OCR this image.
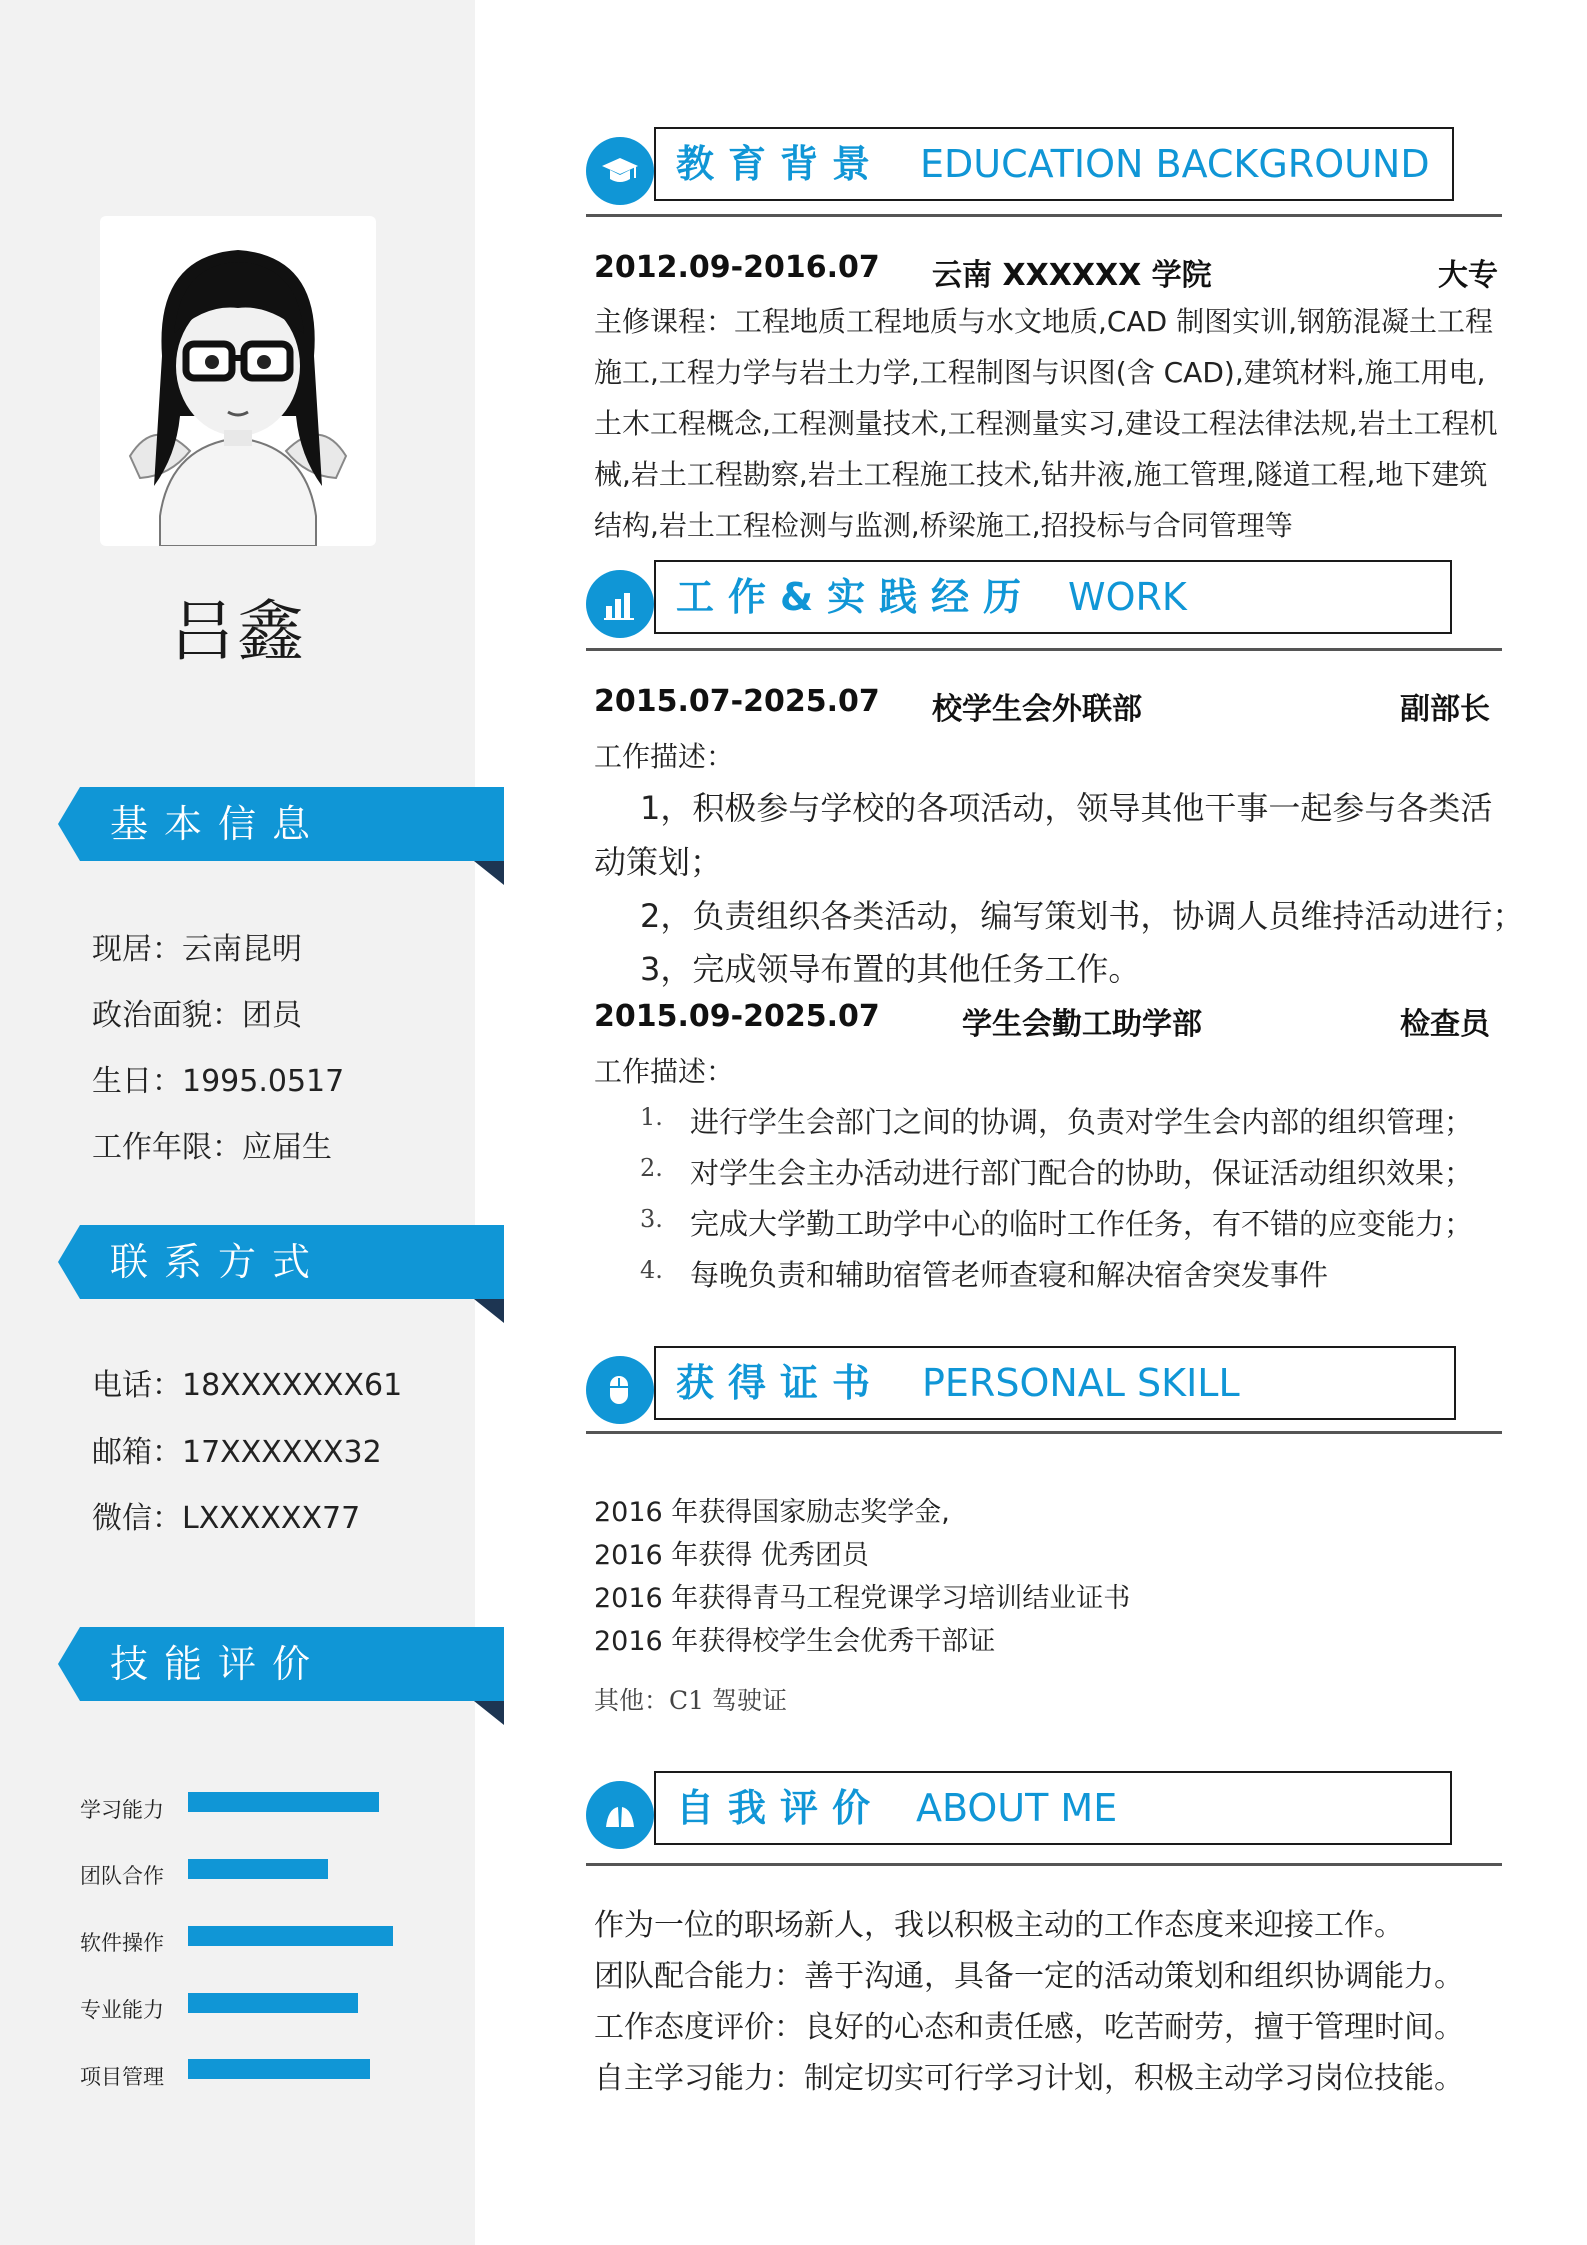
吕鑫
基本信息
现居：云南昆明
政治面貌：团员
生日：1995.0517
工作年限：应届生
联系方式
电话：18XXXXXXX61
邮箱：17XXXXXX32
微信：LXXXXXX77
技能评价
学习能力
团队合作
软件操作
专业能力
项目管理
教育背景 EDUCATION BACKGROUND
2012.09-2016.07 云南 XXXXXX 学院	大专
主修课程：工程地质工程地质与水文地质,CAD 制图实训,钢筋混凝土工程施工,工程力学与岩土力学,工程制图与识图(含 CAD),建筑材料,施工用电,土木工程概念,工程测量技术,工程测量实习,建设工程法律法规,岩土工程机械,岩土工程勘察,岩土工程施工技术,钻井液,施工管理,隧道工程,地下建筑结构,岩土工程检测与监测,桥梁施工,招投标与合同管理等
工作&实践经历 WORK
2015.07-2025.07 校学生会外联部	副部长
工作描述：
1，积极参与学校的各项活动，领导其他干事一起参与各类活
动策划；
2，负责组织各类活动，编写策划书，协调人员维持活动进行；
3，完成领导布置的其他任务工作。
2015.09-2025.07	学生会勤工助学部	检查员
工作描述：
1. 进行学生会部门之间的协调，负责对学生会内部的组织管理；
2. 对学生会主办活动进行部门配合的协助，保证活动组织效果；
3. 完成大学勤工助学中心的临时工作任务，有不错的应变能力；
4. 每晚负责和辅助宿管老师查寝和解决宿舍突发事件
获得证书 PERSONAL SKILL
2016 年获得国家励志奖学金,
2016 年获得 优秀团员
2016 年获得青马工程党课学习培训结业证书
2016 年获得校学生会优秀干部证
其他：C1 驾驶证
自我评价 ABOUT ME
作为一位的职场新人，我以积极主动的工作态度来迎接工作。
团队配合能力：善于沟通，具备一定的活动策划和组织协调能力。
工作态度评价：良好的心态和责任感，吃苦耐劳，擅于管理时间。
自主学习能力：制定切实可行学习计划，积极主动学习岗位技能。
